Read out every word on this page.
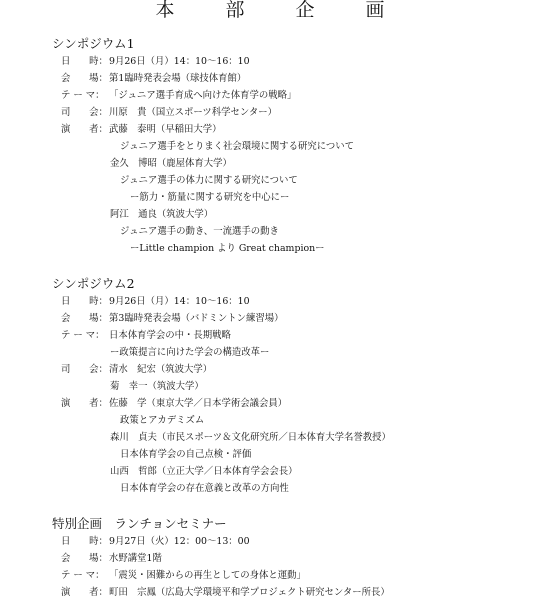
本　部　企　画
シンポジウム1
日　　時： 9月26日（月）14：10〜16：10
会　　場： 第1臨時発表会場（球技体育館）
テ ー マ： 「ジュニア選手育成へ向けた体育学の戦略」
司　　会： 川原　貴（国立スポーツ科学センター）
演　　者： 武藤　泰明（早稲田大学）
ジュニア選手をとりまく社会環境に関する研究について
金久　博昭（鹿屋体育大学）
ジュニア選手の体力に関する研究について
ー筋力・筋量に関する研究を中心にー
阿江　通良（筑波大学）
ジュニア選手の動き、一流選手の動き
ーLittle champion より Great championー
シンポジウム2
日　　時： 9月26日（月）14：10〜16：10
会　　場： 第3臨時発表会場（バドミントン練習場）
テ ー マ： 日本体育学会の中・長期戦略
ー政策提言に向けた学会の構造改革ー
司　　会： 清水　紀宏（筑波大学）
菊　幸一（筑波大学）
演　　者： 佐藤　学（東京大学／日本学術会議会員）
政策とアカデミズム
森川　貞夫（市民スポーツ＆文化研究所／日本体育大学名誉教授）
日本体育学会の自己点検・評価
山西　哲郎（立正大学／日本体育学会会長）
日本体育学会の存在意義と改革の方向性
特別企画　ランチョンセミナー
日　　時： 9月27日（火）12：00〜13：00
会　　場： 水野講堂1階
テ ー マ： 「震災・困難からの再生としての身体と運動」
演　　者： 町田　宗鳳（広島大学環境平和学プロジェクト研究センター所長）
